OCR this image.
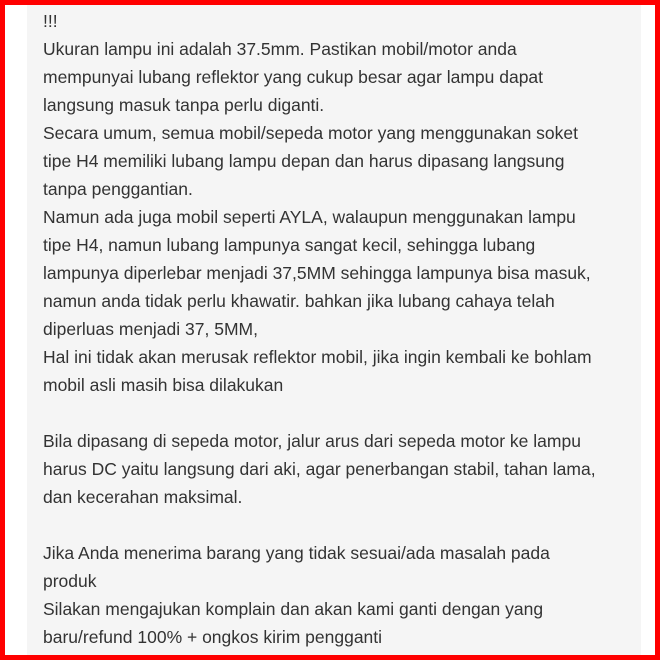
!!!
Ukuran lampu ini adalah 37.5mm. Pastikan mobil/motor anda
mempunyai lubang reflektor yang cukup besar agar lampu dapat
langsung masuk tanpa perlu diganti.
Secara umum, semua mobil/sepeda motor yang menggunakan soket
tipe H4 memiliki lubang lampu depan dan harus dipasang langsung
tanpa penggantian.
Namun ada juga mobil seperti AYLA, walaupun menggunakan lampu
tipe H4, namun lubang lampunya sangat kecil, sehingga lubang
lampunya diperlebar menjadi 37,5MM sehingga lampunya bisa masuk,
namun anda tidak perlu khawatir. bahkan jika lubang cahaya telah
diperluas menjadi 37, 5MM,
Hal ini tidak akan merusak reflektor mobil, jika ingin kembali ke bohlam
mobil asli masih bisa dilakukan
Bila dipasang di sepeda motor, jalur arus dari sepeda motor ke lampu
harus DC yaitu langsung dari aki, agar penerbangan stabil, tahan lama,
dan kecerahan maksimal.
Jika Anda menerima barang yang tidak sesuai/ada masalah pada
produk
Silakan mengajukan komplain dan akan kami ganti dengan yang
baru/refund 100% + ongkos kirim pengganti
